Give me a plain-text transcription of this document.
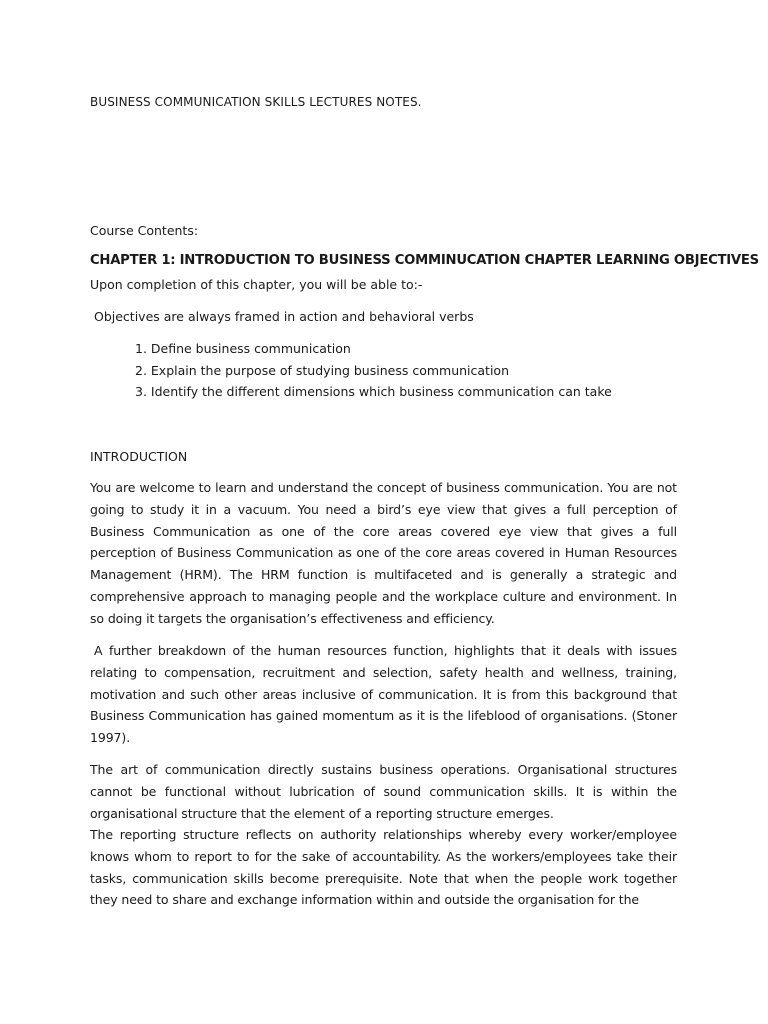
BUSINESS COMMUNICATION SKILLS LECTURES NOTES.
Course Contents:
CHAPTER 1: INTRODUCTION TO BUSINESS COMMINUCATION CHAPTER LEARNING OBJECTIVES
Upon completion of this chapter, you will be able to:-
Objectives are always framed in action and behavioral verbs
1. Define business communication
2. Explain the purpose of studying business communication
3. Identify the different dimensions which business communication can take
INTRODUCTION

You are welcome to learn and understand the concept of business communication. You are not going to study it in a vacuum. You need a bird’s eye view that gives a full perception of Business Communication as one of the core areas covered eye view that gives a full perception of Business Communication as one of the core areas covered in Human Resources Management (HRM). The HRM function is multifaceted and is generally a strategic and comprehensive approach to managing people and the workplace culture and environment. In so doing it targets the organisation’s effectiveness and efficiency.

A further breakdown of the human resources function, highlights that it deals with issues relating to compensation, recruitment and selection, safety health and wellness, training, motivation and such other areas inclusive of communication. It is from this background that Business Communication has gained momentum as it is the lifeblood of organisations. (Stoner 1997).

The art of communication directly sustains business operations. Organisational structures cannot be functional without lubrication of sound communication skills. It is within the organisational structure that the element of a reporting structure emerges.

The reporting structure reflects on authority relationships whereby every worker/employee knows whom to report to for the sake of accountability. As the workers/employees take their tasks, communication skills become prerequisite. Note that when the people work together they need to share and exchange information within and outside the organisation for the
